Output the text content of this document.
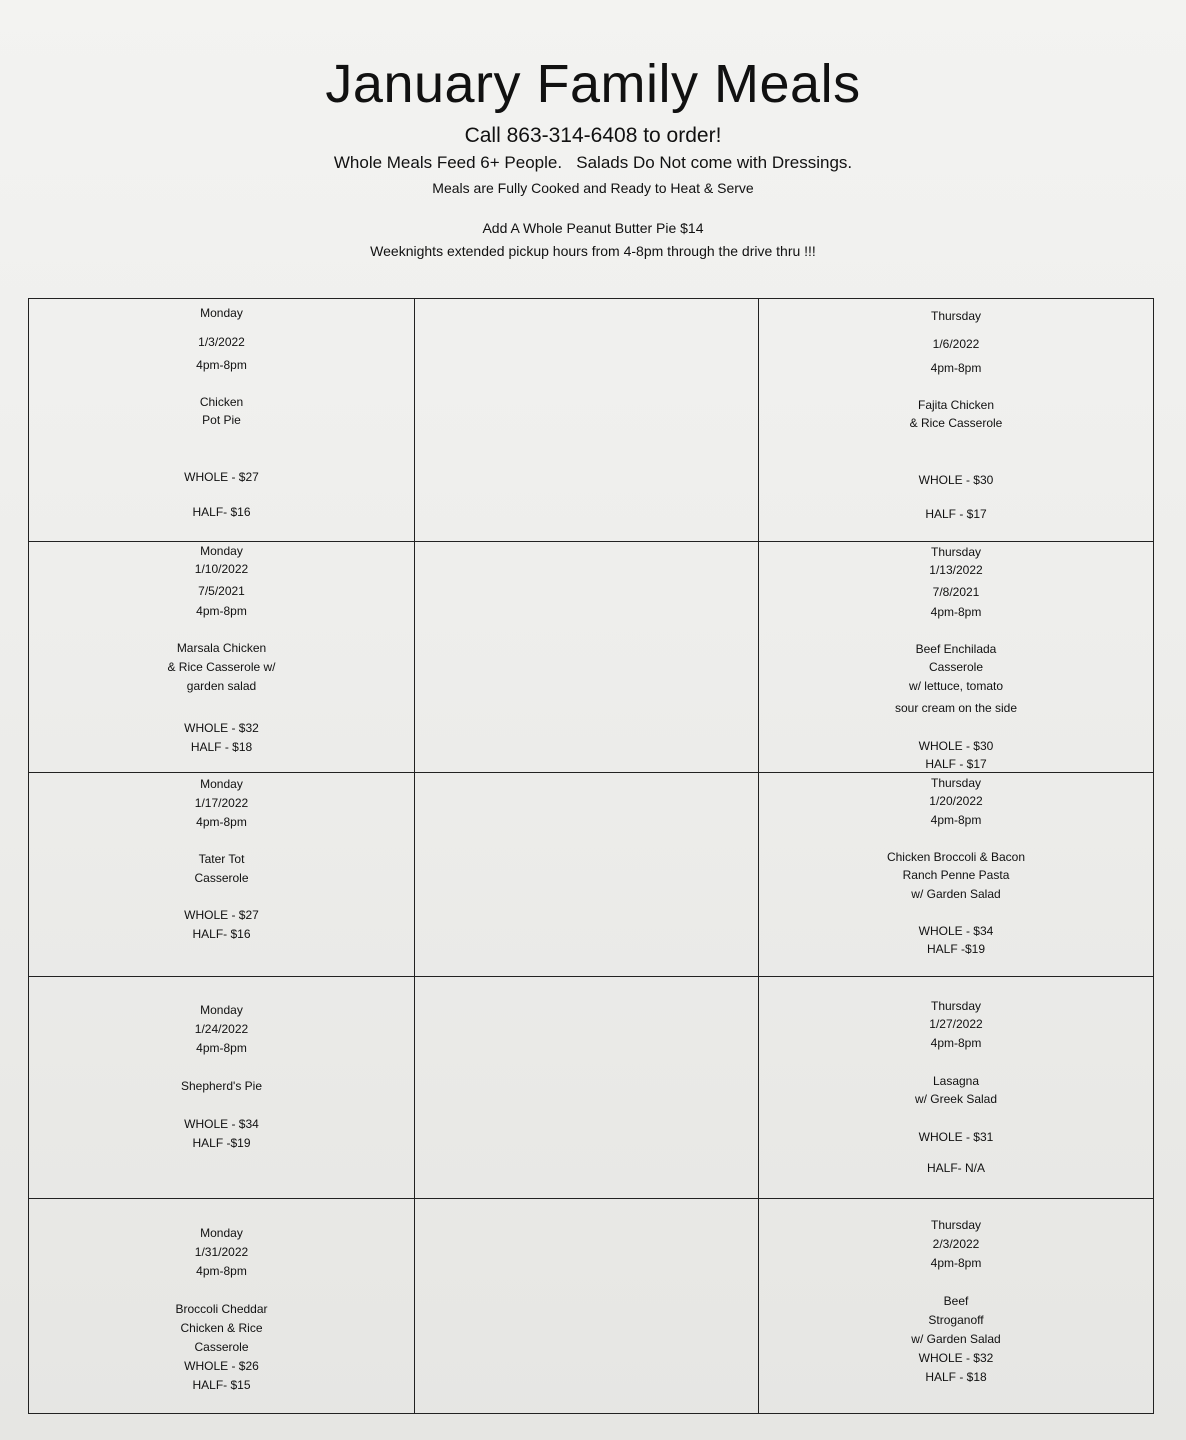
January Family Meals
Call 863-314-6408 to order!
Whole Meals Feed 6+ People.   Salads Do Not come with Dressings.
Meals are Fully Cooked and Ready to Heat & Serve
Add A Whole Peanut Butter Pie $14
Weeknights extended pickup hours from 4-8pm through the drive thru !!!
Monday
1/3/2022
4pm-8pm
Chicken
Pot Pie
WHOLE - $27
HALF- $16
Thursday
1/6/2022
4pm-8pm
Fajita Chicken
& Rice Casserole
WHOLE - $30
HALF - $17
Monday
1/10/2022
7/5/2021
4pm-8pm
Marsala Chicken
& Rice Casserole w/
garden salad
WHOLE - $32
HALF - $18
Thursday
1/13/2022
7/8/2021
4pm-8pm
Beef Enchilada
Casserole
w/ lettuce, tomato
sour cream on the side
WHOLE - $30
HALF - $17
Monday
1/17/2022
4pm-8pm
Tater Tot
Casserole
WHOLE - $27
HALF- $16
Thursday
1/20/2022
4pm-8pm
Chicken Broccoli & Bacon
Ranch Penne Pasta
w/ Garden Salad
WHOLE - $34
HALF -$19
Monday
1/24/2022
4pm-8pm
Shepherd's Pie
WHOLE - $34
HALF -$19
Thursday
1/27/2022
4pm-8pm
Lasagna
w/ Greek Salad
WHOLE - $31
HALF- N/A
Monday
1/31/2022
4pm-8pm
Broccoli Cheddar
Chicken & Rice
Casserole
WHOLE - $26
HALF- $15
Thursday
2/3/2022
4pm-8pm
Beef
Stroganoff
w/ Garden Salad
WHOLE - $32
HALF - $18
